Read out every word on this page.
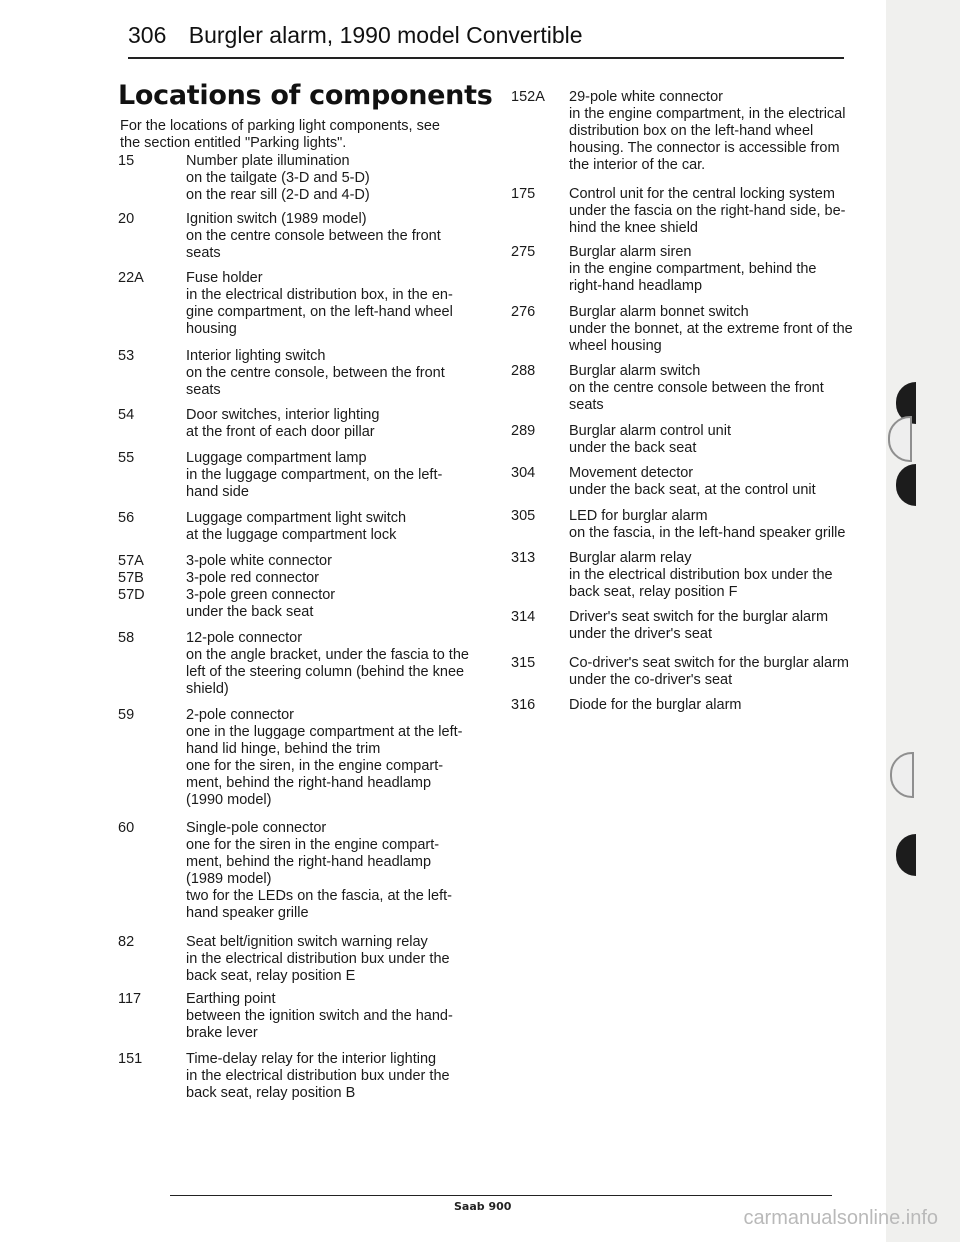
306 Burgler alarm, 1990 model Convertible
Locations of components
For the locations of parking light components, see
the section entitled "Parking lights".
15	Number plate illumination
on the tailgate (3-D and 5-D)
on the rear sill (2-D and 4-D)
20	Ignition switch (1989 model)
on the centre console between the front
seats
22A	Fuse holder
in the electrical distribution box, in the en-
gine compartment, on the left-hand wheel
housing
53	Interior lighting switch
on the centre console, between the front
seats
54	Door switches, interior lighting
at the front of each door pillar
55	Luggage compartment lamp
in the luggage compartment, on the left-
hand side
56	Luggage compartment light switch
at the luggage compartment lock
57A	3-pole white connector
57B	3-pole red connector
57D	3-pole green connector
under the back seat
58	12-pole connector
on the angle bracket, under the fascia to the
left of the steering column (behind the knee
shield)
59	2-pole connector
one in the luggage compartment at the left-
hand lid hinge, behind the trim
one for the siren, in the engine compart-
ment, behind the right-hand headlamp
(1990 model)
60	Single-pole connector
one for the siren in the engine compart-
ment, behind the right-hand headlamp
(1989 model)
two for the LEDs on the fascia, at the left-
hand speaker grille
82	Seat belt/ignition switch warning relay
in the electrical distribution bux under the
back seat, relay position E
117	Earthing point
between the ignition switch and the hand-
brake lever
151	Time-delay relay for the interior lighting
in the electrical distribution bux under the
back seat, relay position B
152A 29-pole white connector
in the engine compartment, in the electrical
distribution box on the left-hand wheel
housing. The connector is accessible from
the interior of the car.
175 Control unit for the central locking system
under the fascia on the right-hand side, be-
hind the knee shield
275 Burglar alarm siren
in the engine compartment, behind the
right-hand headlamp
276 Burglar alarm bonnet switch
under the bonnet, at the extreme front of the
wheel housing
288 Burglar alarm switch
on the centre console between the front
seats
289 Burglar alarm control unit
under the back seat
304 Movement detector
under the back seat, at the control unit
305 LED for burglar alarm
on the fascia, in the left-hand speaker grille
313 Burglar alarm relay
in the electrical distribution box under the
back seat, relay position F
314 Driver's seat switch for the burglar alarm
under the driver's seat
315 Co-driver's seat switch for the burglar alarm
under the co-driver's seat
316 Diode for the burglar alarm
Saab 900
carmanualsonline.info
